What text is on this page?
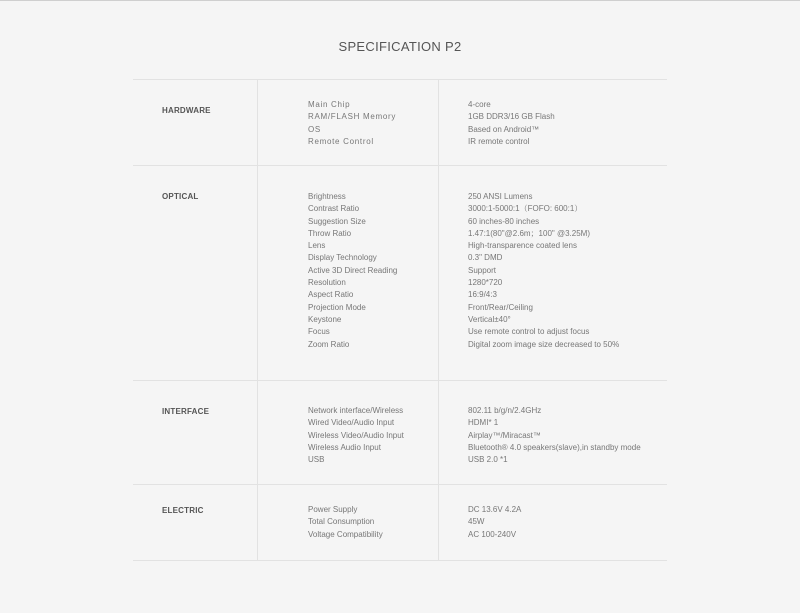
SPECIFICATION P2
HARDWARE
Main Chip	4-core
RAM/FLASH Memory	1GB DDR3/16 GB Flash
OS	Based on Android™
Remote Control	IR remote control
OPTICAL	Brightness	250 ANSI Lumens
Contrast Ratio	3000:1-5000:1（FOFO: 600:1）
Suggestion Size	60 inches-80 inches
Throw Ratio	1.47:1(80"@2.6m；100" @3.25M)
Lens	High-transparence coated lens
Display Technology	0.3" DMD
Active 3D Direct Reading	Support
Resolution	1280*720
Aspect Ratio	16:9/4:3
Projection Mode	Front/Rear/Ceiling
Keystone	Vertical±40°
Focus	Use remote control to adjust focus
Zoom Ratio	Digital zoom image size decreased to 50%
INTERFACE	Network interface/Wireless	802.11 b/g/n/2.4GHz
Wired Video/Audio Input	HDMI* 1
Wireless Video/Audio Input	Airplay™/Miracast™
Wireless Audio Input	Bluetooth® 4.0 speakers(slave),in standby mode
USB	USB 2.0 *1
ELECTRIC	Power Supply	DC 13.6V 4.2A
Total Consumption	45W
Voltage Compatibility	AC 100-240V
